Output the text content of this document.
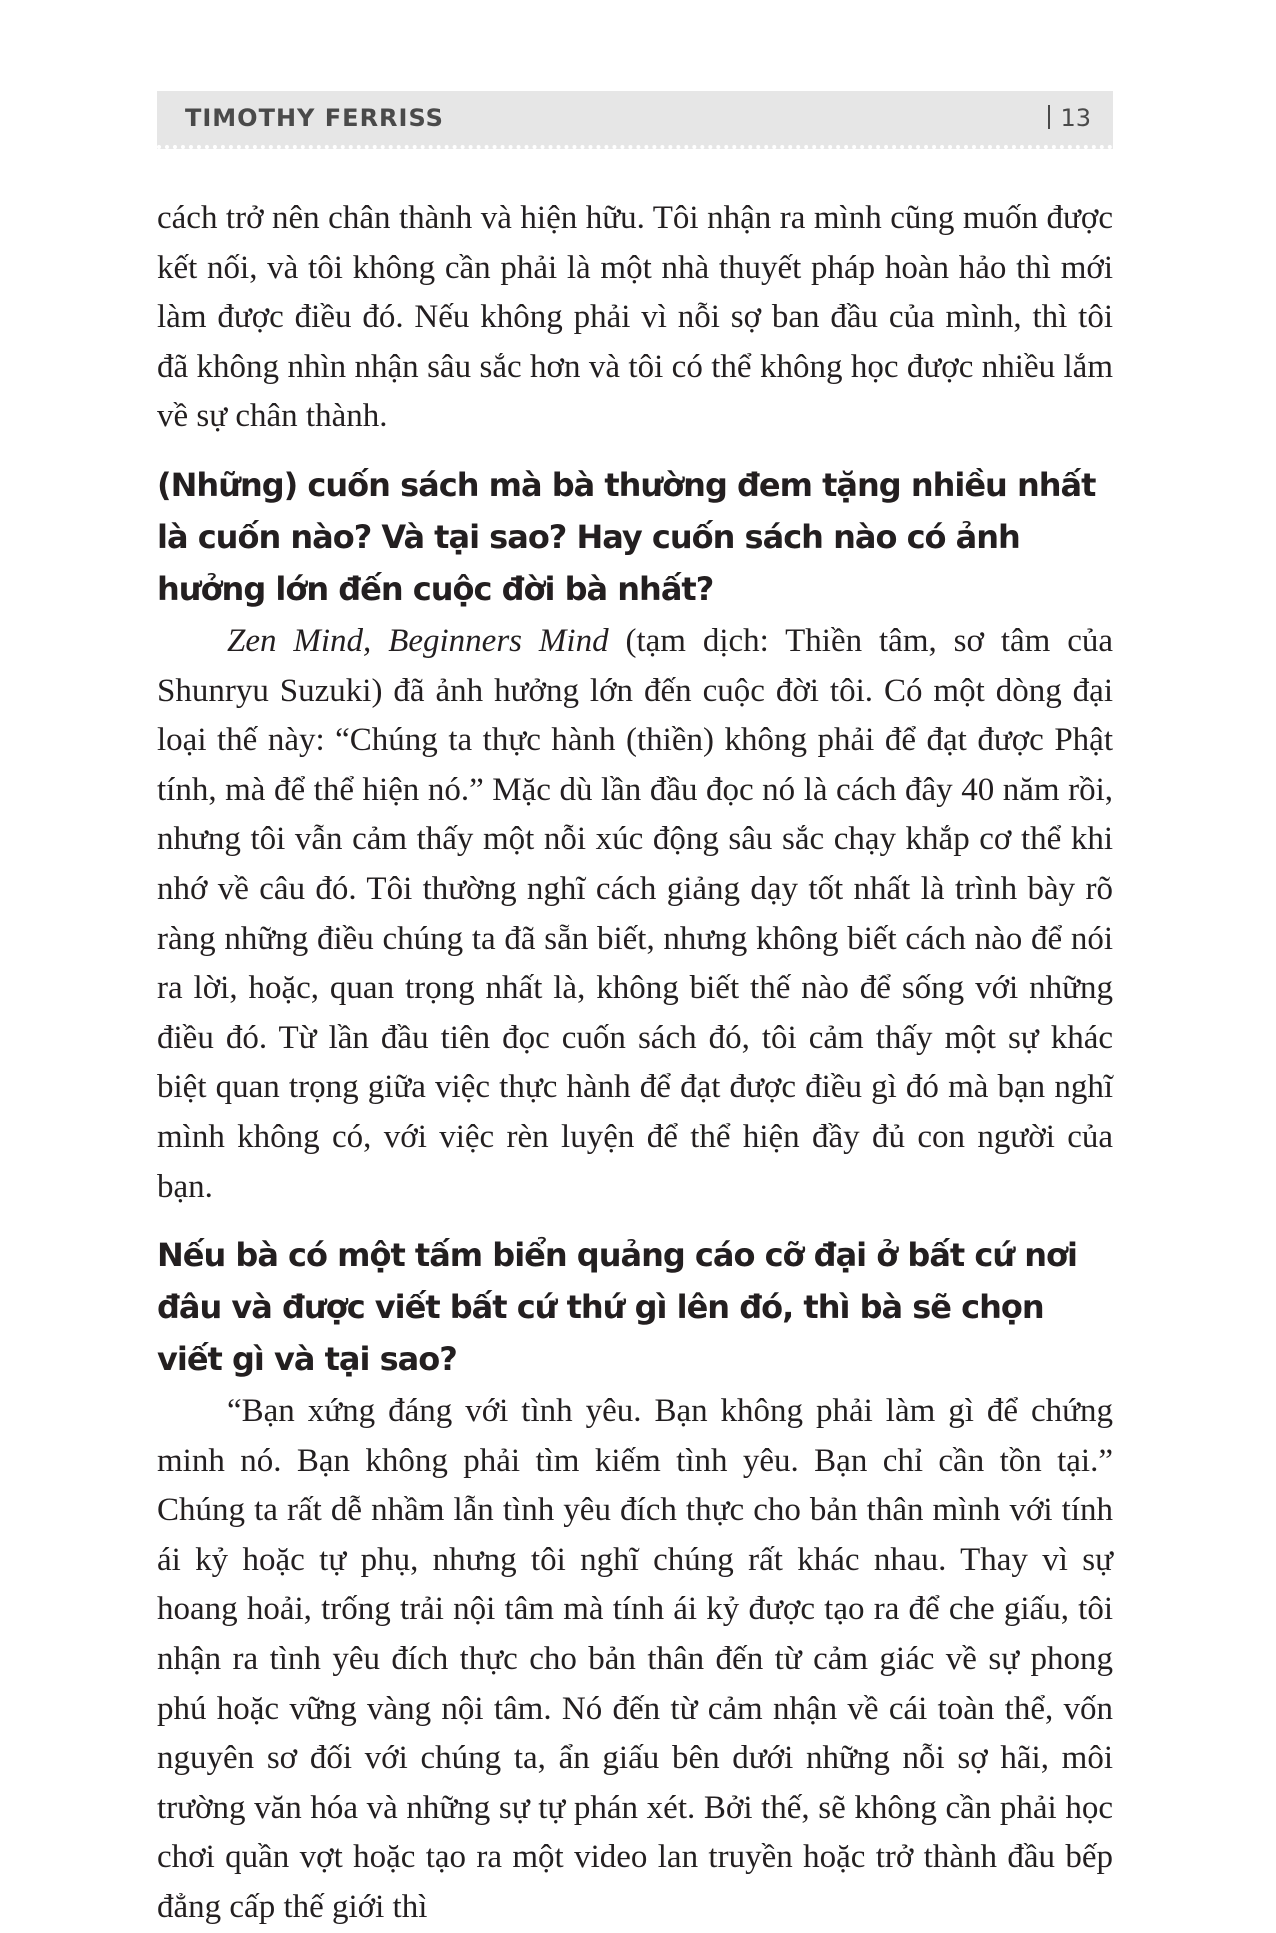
TIMOTHY FERRISS	13

cách trở nên chân thành và hiện hữu. Tôi nhận ra mình cũng muốn được kết nối, và tôi không cần phải là một nhà thuyết pháp hoàn hảo thì mới làm được điều đó. Nếu không phải vì nỗi sợ ban đầu của mình, thì tôi đã không nhìn nhận sâu sắc hơn và tôi có thể không học được nhiều lắm về sự chân thành.

(Những) cuốn sách mà bà thường đem tặng nhiều nhất là cuốn nào? Và tại sao? Hay cuốn sách nào có ảnh hưởng lớn đến cuộc đời bà nhất?

Zen Mind, Beginners Mind (tạm dịch: Thiền tâm, sơ tâm của Shunryu Suzuki) đã ảnh hưởng lớn đến cuộc đời tôi. Có một dòng đại loại thế này: “Chúng ta thực hành (thiền) không phải để đạt được Phật tính, mà để thể hiện nó.” Mặc dù lần đầu đọc nó là cách đây 40 năm rồi, nhưng tôi vẫn cảm thấy một nỗi xúc động sâu sắc chạy khắp cơ thể khi nhớ về câu đó. Tôi thường nghĩ cách giảng dạy tốt nhất là trình bày rõ ràng những điều chúng ta đã sẵn biết, nhưng không biết cách nào để nói ra lời, hoặc, quan trọng nhất là, không biết thế nào để sống với những điều đó. Từ lần đầu tiên đọc cuốn sách đó, tôi cảm thấy một sự khác biệt quan trọng giữa việc thực hành để đạt được điều gì đó mà bạn nghĩ mình không có, với việc rèn luyện để thể hiện đầy đủ con người của bạn.

Nếu bà có một tấm biển quảng cáo cỡ đại ở bất cứ nơi đâu và được viết bất cứ thứ gì lên đó, thì bà sẽ chọn viết gì và tại sao?

“Bạn xứng đáng với tình yêu. Bạn không phải làm gì để chứng minh nó. Bạn không phải tìm kiếm tình yêu. Bạn chỉ cần tồn tại.” Chúng ta rất dễ nhầm lẫn tình yêu đích thực cho bản thân mình với tính ái kỷ hoặc tự phụ, nhưng tôi nghĩ chúng rất khác nhau. Thay vì sự hoang hoải, trống trải nội tâm mà tính ái kỷ được tạo ra để che giấu, tôi nhận ra tình yêu đích thực cho bản thân đến từ cảm giác về sự phong phú hoặc vững vàng nội tâm. Nó đến từ cảm nhận về cái toàn thể, vốn nguyên sơ đối với chúng ta, ẩn giấu bên dưới những nỗi sợ hãi, môi trường văn hóa và những sự tự phán xét. Bởi thế, sẽ không cần phải học chơi quần vợt hoặc tạo ra một video lan truyền hoặc trở thành đầu bếp đẳng cấp thế giới thì
